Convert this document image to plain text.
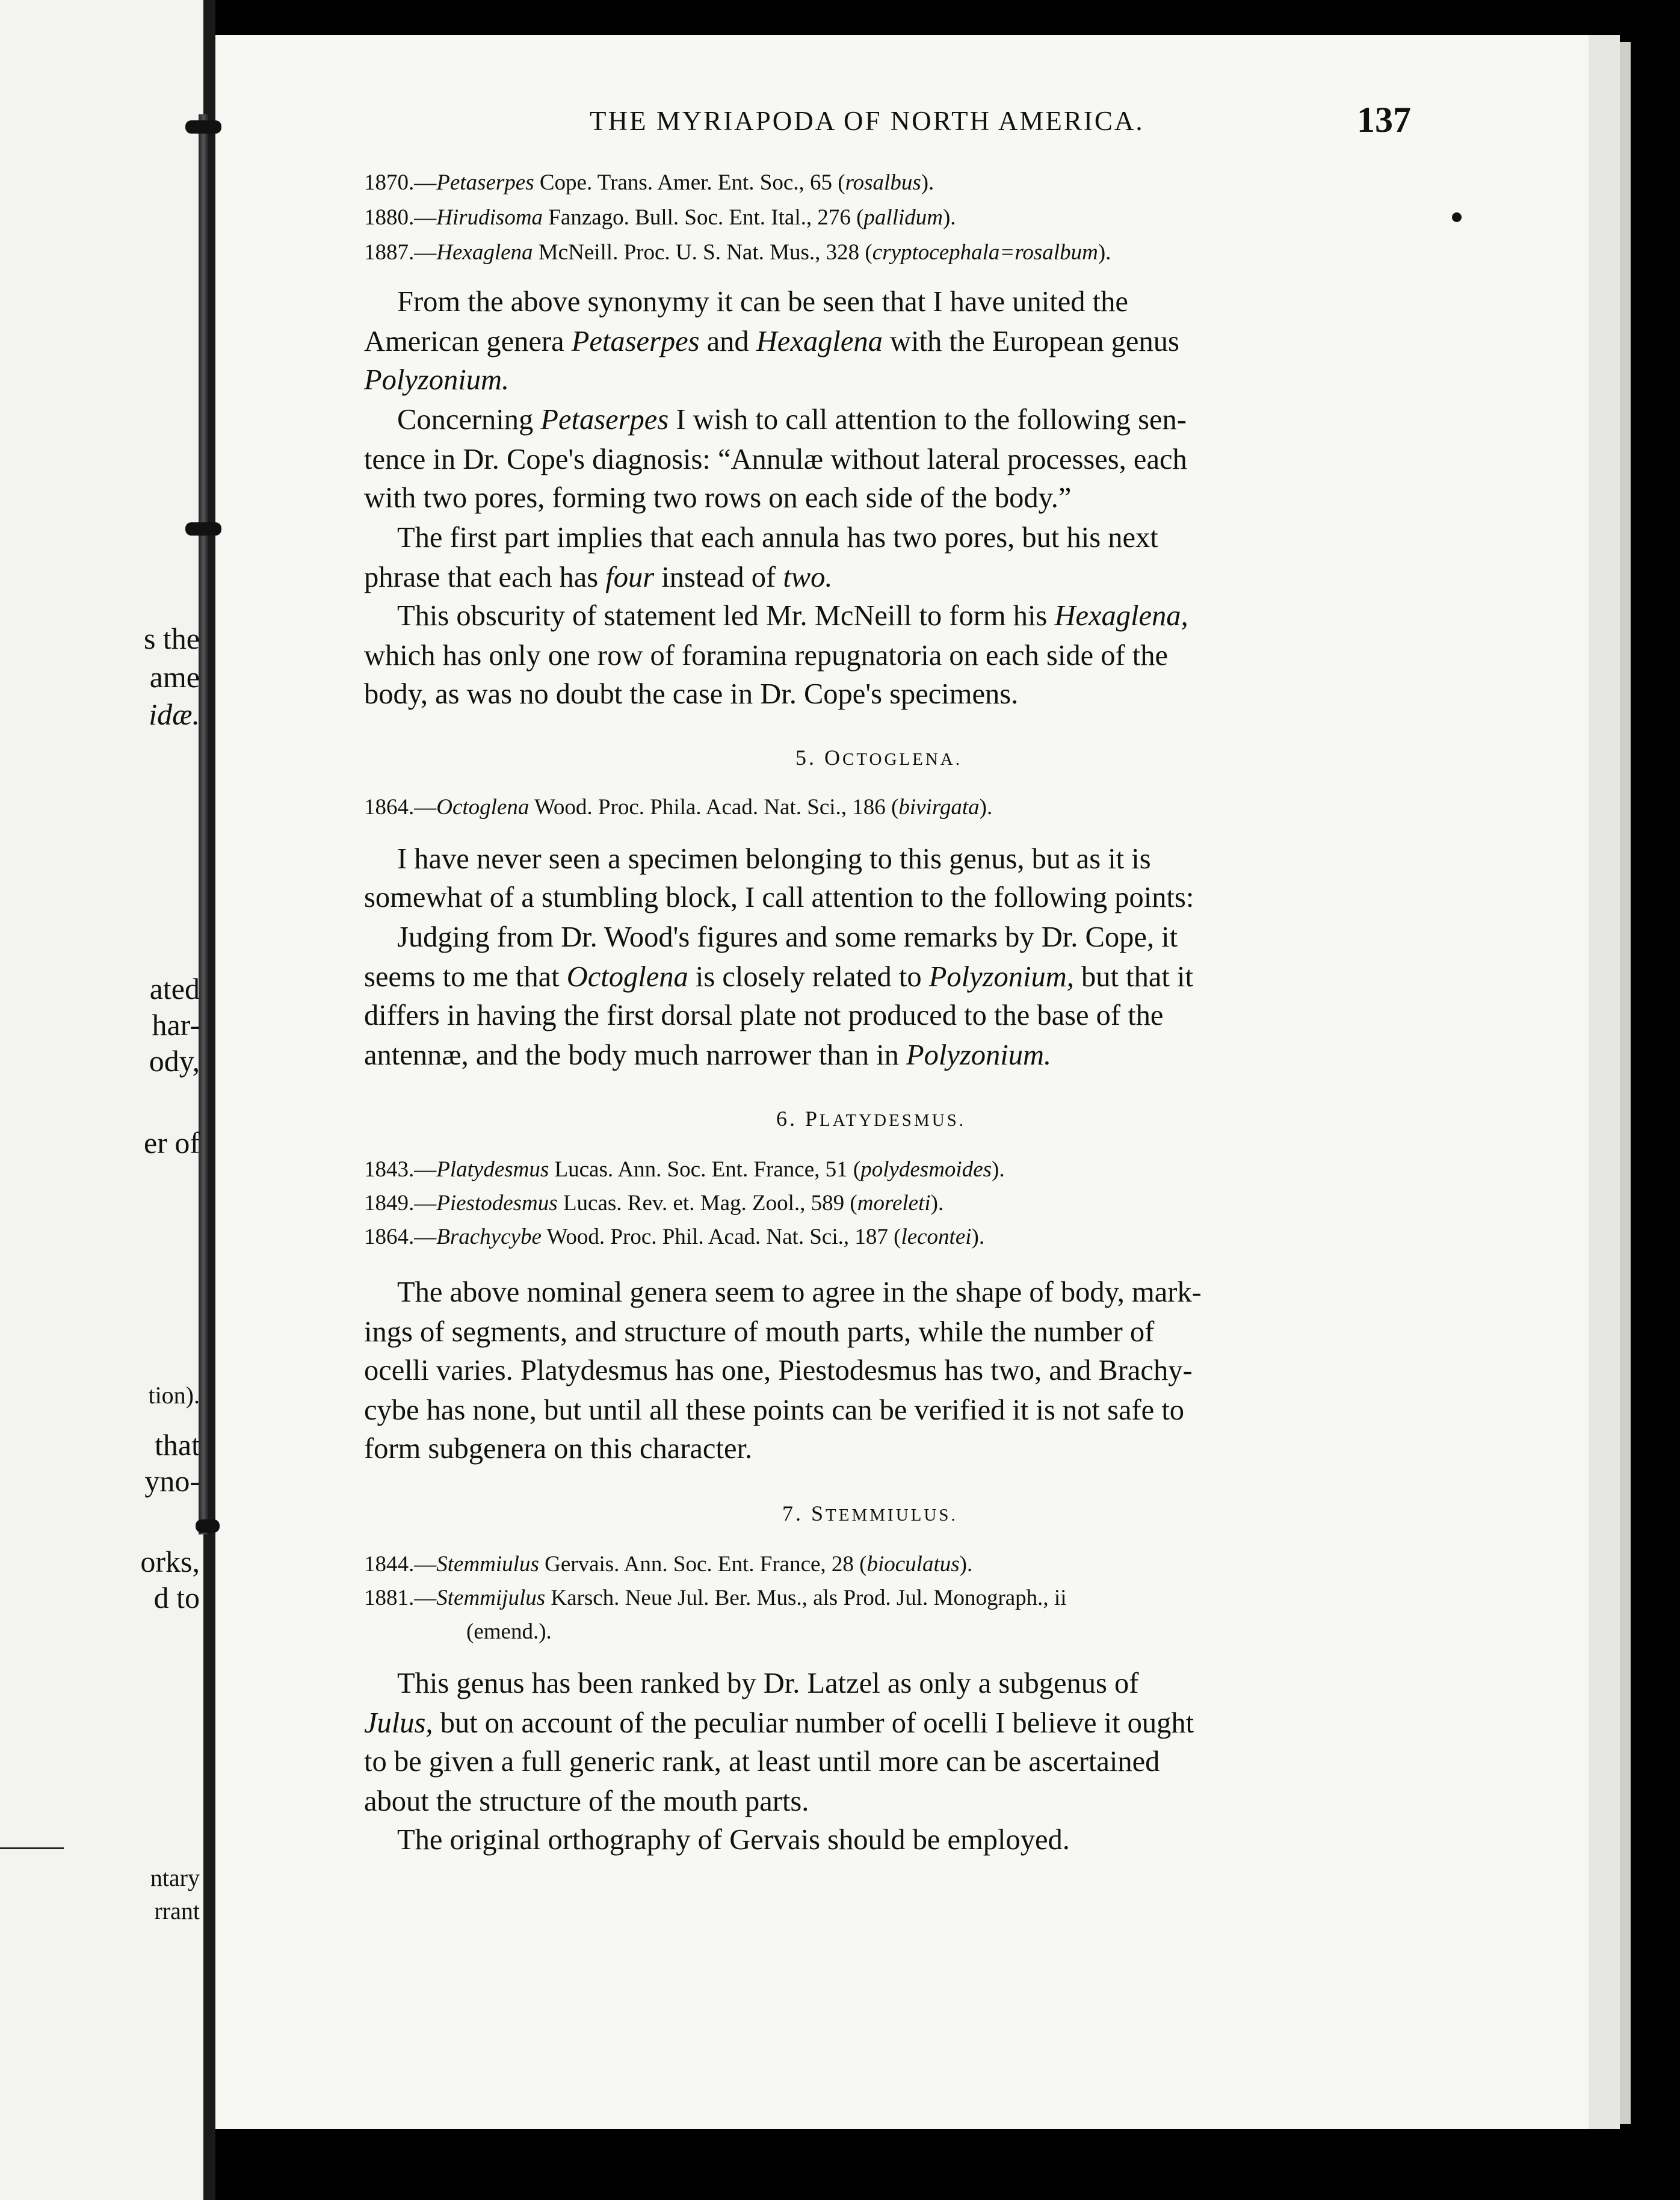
s the
ame
idæ.
ated
har-
ody,
er of
tion).
that
yno-
orks,
d to
ntary
rrant
THE MYRIAPODA OF NORTH AMERICA.	137
1870.—Petaserpes Cope. Trans. Amer. Ent. Soc., 65 (rosalbus).
1880.—Hirudisoma Fanzago. Bull. Soc. Ent. Ital., 276 (pallidum).
1887.—Hexaglena McNeill. Proc. U. S. Nat. Mus., 328 (cryptocephala=rosalbum).
From the above synonymy it can be seen that I have united the
American genera Petaserpes and Hexaglena with the European genus
Polyzonium.
Concerning Petaserpes I wish to call attention to the following sen-
tence in Dr. Cope's diagnosis: “Annulæ without lateral processes, each
with two pores, forming two rows on each side of the body.”
The first part implies that each annula has two pores, but his next
phrase that each has four instead of two.
This obscurity of statement led Mr. McNeill to form his Hexaglena,
which has only one row of foramina repugnatoria on each side of the
body, as was no doubt the case in Dr. Cope's specimens.
5. OCTOGLENA.
1864.—Octoglena Wood. Proc. Phila. Acad. Nat. Sci., 186 (bivirgata).
I have never seen a specimen belonging to this genus, but as it is
somewhat of a stumbling block, I call attention to the following points:
Judging from Dr. Wood's figures and some remarks by Dr. Cope, it
seems to me that Octoglena is closely related to Polyzonium, but that it
differs in having the first dorsal plate not produced to the base of the
antennæ, and the body much narrower than in Polyzonium.
6. PLATYDESMUS.
1843.—Platydesmus Lucas. Ann. Soc. Ent. France, 51 (polydesmoides).
1849.—Piestodesmus Lucas. Rev. et. Mag. Zool., 589 (moreleti).
1864.—Brachycybe Wood. Proc. Phil. Acad. Nat. Sci., 187 (lecontei).
The above nominal genera seem to agree in the shape of body, mark-
ings of segments, and structure of mouth parts, while the number of
ocelli varies. Platydesmus has one, Piestodesmus has two, and Brachy-
cybe has none, but until all these points can be verified it is not safe to
form subgenera on this character.
7. STEMMIULUS.
1844.—Stemmiulus Gervais. Ann. Soc. Ent. France, 28 (bioculatus).
1881.—Stemmijulus Karsch. Neue Jul. Ber. Mus., als Prod. Jul. Monograph., ii
(emend.).
This genus has been ranked by Dr. Latzel as only a subgenus of
Julus, but on account of the peculiar number of ocelli I believe it ought
to be given a full generic rank, at least until more can be ascertained
about the structure of the mouth parts.
The original orthography of Gervais should be employed.
